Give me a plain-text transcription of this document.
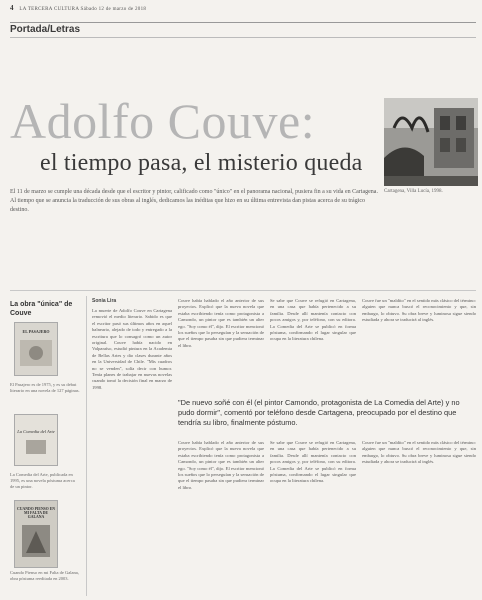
4 LA TERCERA CULTURA Sábado 12 de marzo de 2018
Portada/Letras
Adolfo Couve:
el tiempo pasa, el misterio queda
El 11 de marzo se cumple una década desde que el escritor y pintor, calificado como "único" en el panorama nacional, pusiera fin a su vida en Cartagena. Al tiempo que se anuncia la traducción de sus obras al inglés, dedicamos las inéditas que hizo en su última entrevista dan pistas acerca de su trágico destino.
Cartagena, Villa Lucía, 1998.
La obra "única" de Couve
EL PASAJERO
El Pasajero es de 1975, y es su debut literario en una novela de 127 páginas.
La Comedia del Arte
La Comedia del Arte, publicada en 1995, es una novela póstuma acerca de un pintor.
CUANDO PIENSO EN MI FALTA DE GALANA
Cuando Pienso en mi Falta de Galana, obra póstuma reeditada en 2003.
Sonia Lira
La muerte de Adolfo Couve en Cartagena removió el medio literario. Sabido es que el escritor pasó sus últimos años en aquel balneario, alejado de todo y entregado a la escritura que lo consagró como un autor original. Couve había nacido en Valparaíso, estudió pintura en la Academia de Bellas Artes y dio clases durante años en la Universidad de Chile. "Mis cuadros no se venden", solía decir con humor. Tenía planes de trabajar en nuevas novelas cuando tomó la decisión final en marzo de 1998.
Couve había hablado el año anterior de sus proyectos. Explicó que la nueva novela que estaba escribiendo tenía como protagonista a Camondo, un pintor que es también un alter ego. "Soy como él", dijo. El escritor mencionó los sueños que lo perseguían y la sensación de que el tiempo pasaba sin que pudiera terminar el libro.
Se sabe que Couve se refugió en Cartagena, en una casa que había pertenecido a su familia. Desde allí mantenía contacto con pocos amigos y, por teléfono, con su editora. La Comedia del Arte se publicó en forma póstuma, confirmando el lugar singular que ocupa en la literatura chilena.
Couve fue un "maldito" en el sentido más clásico del término: alguien que nunca buscó el reconocimiento y que, sin embargo, lo obtuvo. Su obra breve y luminosa sigue siendo estudiada y ahora se traducirá al inglés.
"De nuevo soñé con él (el pintor Camondo, protagonista de La Comedia del Arte) y no pudo dormir", comentó por teléfono desde Cartagena, preocupado por el destino que tendría su libro, finalmente póstumo.
Couve había hablado el año anterior de sus proyectos. Explicó que la nueva novela que estaba escribiendo tenía como protagonista a Camondo, un pintor que es también un alter ego. "Soy como él", dijo. El escritor mencionó los sueños que lo perseguían y la sensación de que el tiempo pasaba sin que pudiera terminar el libro.
Se sabe que Couve se refugió en Cartagena, en una casa que había pertenecido a su familia. Desde allí mantenía contacto con pocos amigos y, por teléfono, con su editora. La Comedia del Arte se publicó en forma póstuma, confirmando el lugar singular que ocupa en la literatura chilena.
Couve fue un "maldito" en el sentido más clásico del término: alguien que nunca buscó el reconocimiento y que, sin embargo, lo obtuvo. Su obra breve y luminosa sigue siendo estudiada y ahora se traducirá al inglés.
